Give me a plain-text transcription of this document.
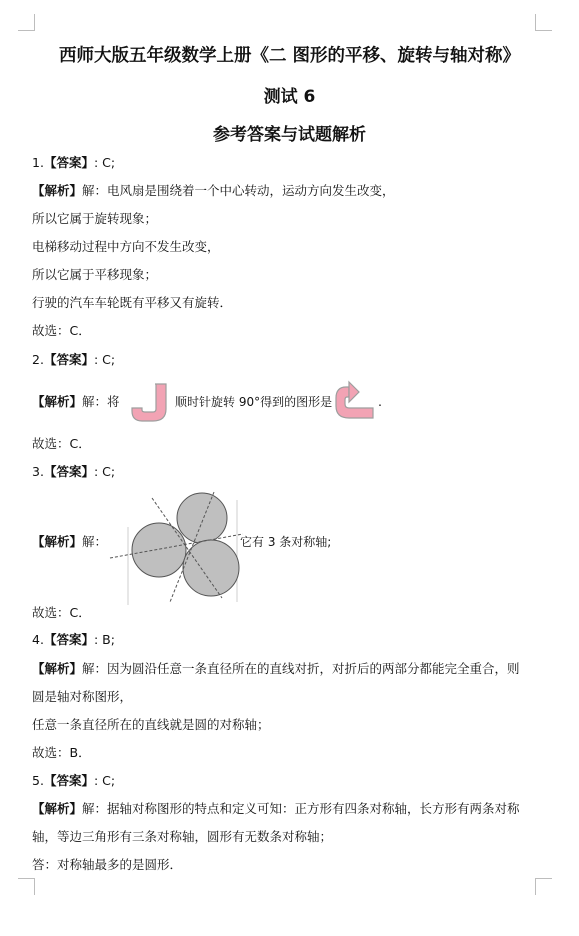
西师大版五年级数学上册《二 图形的平移、旋转与轴对称》
测试 6
参考答案与试题解析
1.【答案】: C;
【解析】解：电风扇是围绕着一个中心转动，运动方向发生改变，
所以它属于旋转现象；
电梯移动过程中方向不发生改变，
所以它属于平移现象；
行驶的汽车车轮既有平移又有旋转．
故选：C．
2.【答案】: C;
【解析】解：将	顺时针旋转 90°得到的图形是	.
故选：C．
3.【答案】: C;
【解析】解：	它有 3 条对称轴;
故选：C．
4.【答案】: B;
【解析】解：因为圆沿任意一条直径所在的直线对折，对折后的两部分都能完全重合，则
圆是轴对称图形，
任意一条直径所在的直线就是圆的对称轴；
故选：B．
5.【答案】: C;
【解析】解：据轴对称图形的特点和定义可知：正方形有四条对称轴，长方形有两条对称
轴，等边三角形有三条对称轴，圆形有无数条对称轴；
答：对称轴最多的是圆形．
